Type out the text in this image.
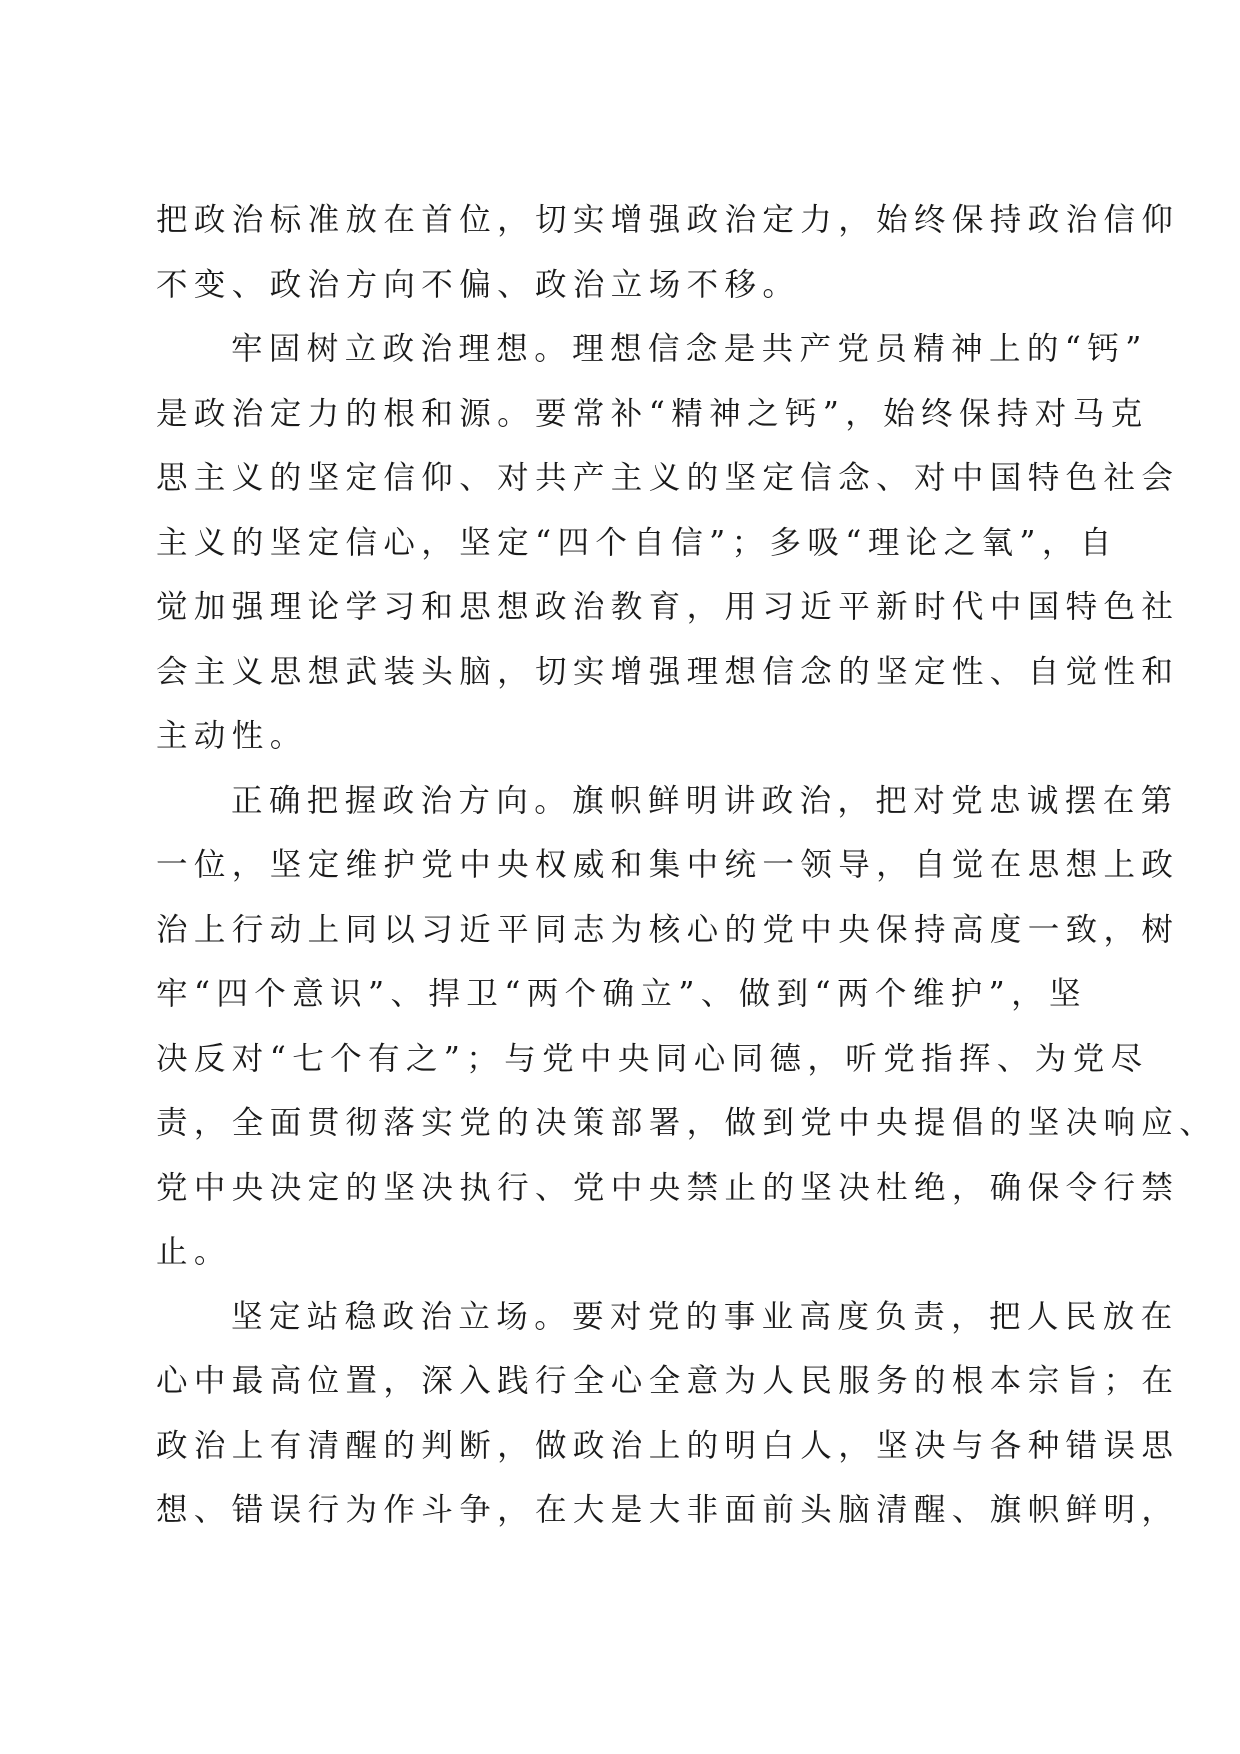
把政治标准放在首位，切实增强政治定力，始终保持政治信仰
不变、政治方向不偏、政治立场不移。
牢固树立政治理想。理想信念是共产党员精神上的“钙”
是政治定力的根和源。要常补“精神之钙”，始终保持对马克
思主义的坚定信仰、对共产主义的坚定信念、对中国特色社会
主义的坚定信心，坚定“四个自信”；多吸“理论之氧”，自
觉加强理论学习和思想政治教育，用习近平新时代中国特色社
会主义思想武装头脑，切实增强理想信念的坚定性、自觉性和
主动性。
正确把握政治方向。旗帜鲜明讲政治，把对党忠诚摆在第
一位，坚定维护党中央权威和集中统一领导，自觉在思想上政
治上行动上同以习近平同志为核心的党中央保持高度一致，树
牢“四个意识”、捍卫“两个确立”、做到“两个维护”，坚
决反对“七个有之”；与党中央同心同德，听党指挥、为党尽
责，全面贯彻落实党的决策部署，做到党中央提倡的坚决响应、
党中央决定的坚决执行、党中央禁止的坚决杜绝，确保令行禁
止。
坚定站稳政治立场。要对党的事业高度负责，把人民放在
心中最高位置，深入践行全心全意为人民服务的根本宗旨；在
政治上有清醒的判断，做政治上的明白人，坚决与各种错误思
想、错误行为作斗争，在大是大非面前头脑清醒、旗帜鲜明，
